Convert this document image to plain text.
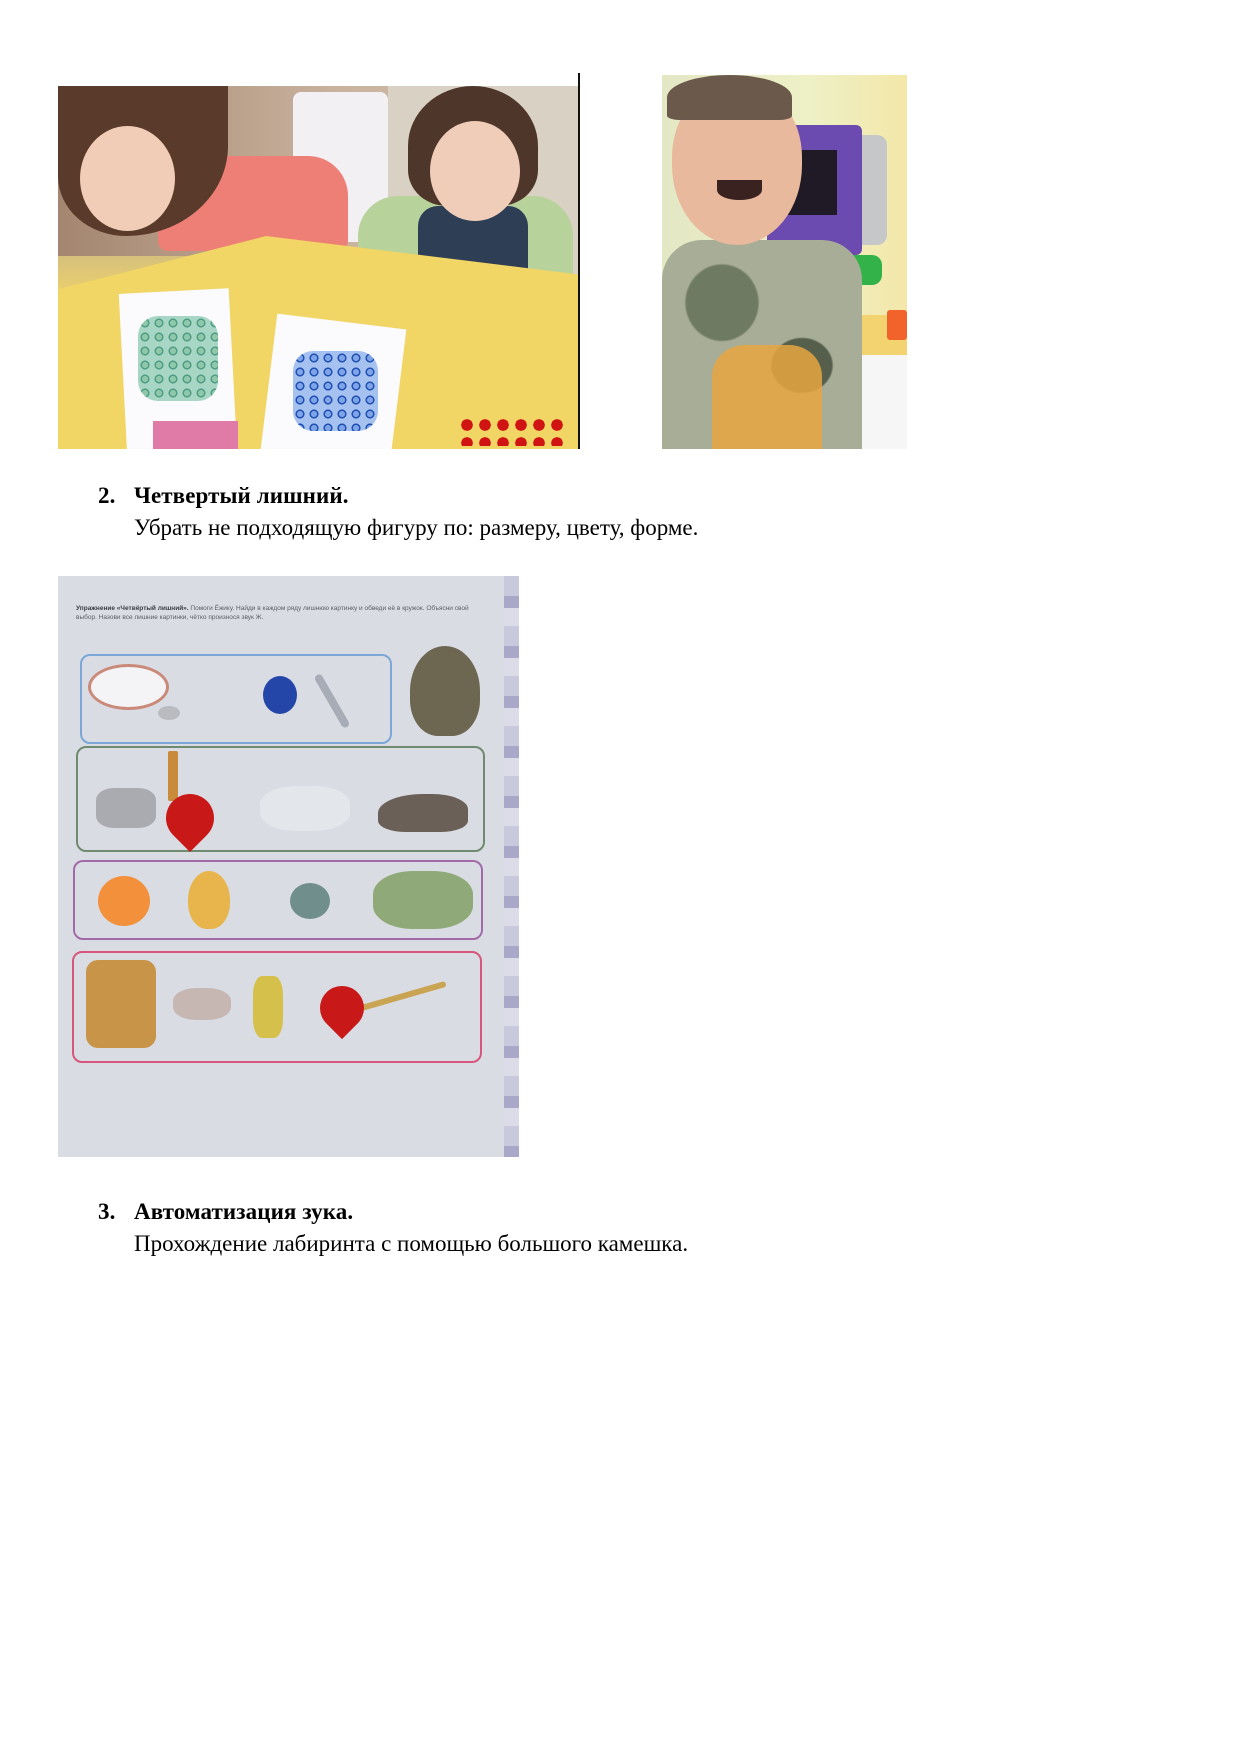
2. Четвертый лишний.
Убрать не подходящую фигуру по: размеру, цвету, форме.
Упражнение «Четвёртый лишний». Помоги Ёжику. Найди в каждом ряду лишнюю картинку и обведи её в кружок. Объясни свой выбор. Назови все лишние картинки, чётко произнося звук Ж.
3. Автоматизация зука.
Прохождение лабиринта с помощью большого камешка.
